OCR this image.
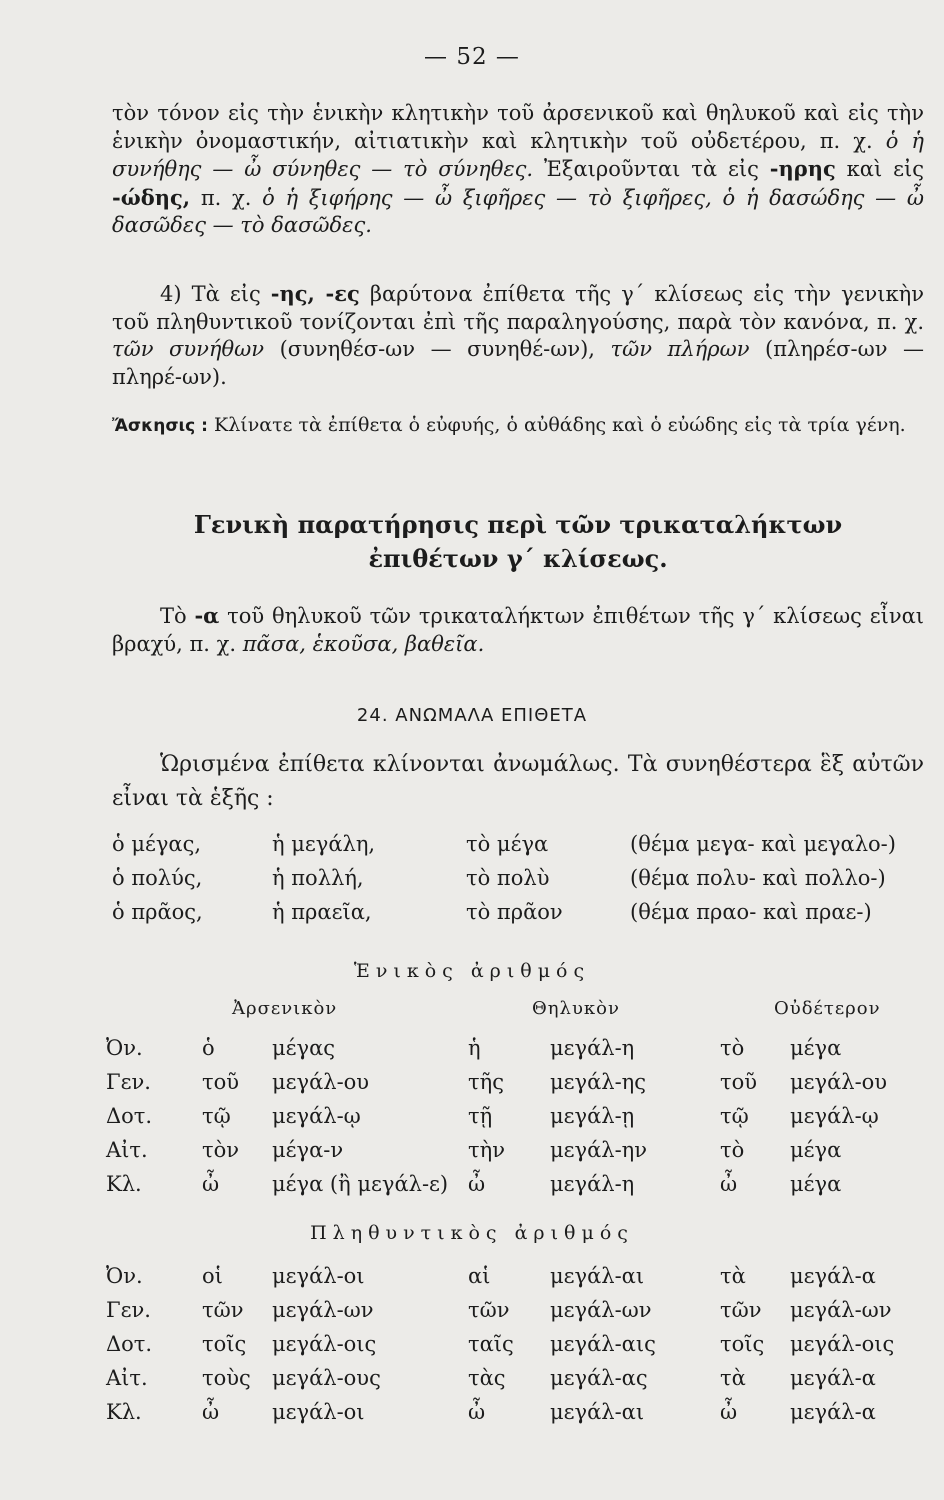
— 52 —

τὸν τόνον εἰς τὴν ἑνικὴν κλητικὴν τοῦ ἀρσενικοῦ καὶ θηλυκοῦ καὶ εἰς τὴν ἑνικὴν ὀνομαστικήν, αἰτιατικὴν καὶ κλητικὴν τοῦ οὐδετέρου, π. χ. ὁ ἡ συνήθης — ὦ σύνηθες — τὸ σύνηθες. Ἐξαιροῦνται τὰ εἰς -ηρης καὶ εἰς -ώδης, π. χ. ὁ ἡ ξιφήρης — ὦ ξιφῆρες — τὸ ξιφῆρες, ὁ ἡ δασώδης — ὦ δασῶδες — τὸ δασῶδες.

4) Τὰ εἰς -ης, -ες βαρύτονα ἐπίθετα τῆς γ΄ κλίσεως εἰς τὴν γενικὴν τοῦ πληθυντικοῦ τονίζονται ἐπὶ τῆς παραληγούσης, παρὰ τὸν κανόνα, π. χ. τῶν συνήθων (συνηθέσ-ων — συνηθέ-ων), τῶν πλήρων (πληρέσ-ων — πληρέ-ων).

Ἄσκησις : Κλίνατε τὰ ἐπίθετα ὁ εὐφυής, ὁ αὐθάδης καὶ ὁ εὐώδης εἰς τὰ τρία γένη.

Γενικὴ παρατήρησις περὶ τῶν τρικαταλήκτων
ἐπιθέτων γ΄ κλίσεως.

Τὸ -α τοῦ θηλυκοῦ τῶν τρικαταλήκτων ἐπιθέτων τῆς γ΄ κλίσεως εἶναι βραχύ, π. χ. πᾶσα, ἑκοῦσα, βαθεῖα.

24. ΑΝΩΜΑΛΑ ΕΠΙΘΕΤΑ

Ὡρισμένα ἐπίθετα κλίνονται ἀνωμάλως. Τὰ συνηθέστερα ἓξ αὐτῶν εἶναι τὰ ἑξῆς :

ὁ μέγας,	ἡ μεγάλη,	τὸ μέγα	(θέμα μεγα- καὶ μεγαλο-)
ὁ πολύς,	ἡ πολλή,	τὸ πολὺ	(θέμα πολυ- καὶ πολλο-)
ὁ πρᾶος,	ἡ πραεῖα,	τὸ πρᾶον	(θέμα πραο- καὶ πραε-)
Ἑνικὸς ἀριθμός
Ἀρσενικὸν	Θηλυκὸν	Οὐδέτερον
Ὀν.	ὁ	μέγας	ἡ	μεγάλ-η	τὸ μέγα
Γεν. τοῦ μεγάλ-ου	τῆς μεγάλ-ης	τοῦ μεγάλ-ου
Δοτ. τῷ μεγάλ-ῳ	τῇ	μεγάλ-ῃ	τῷ μεγάλ-ῳ
Αἰτ.	τὸν μέγα-ν	τὴν μεγάλ-ην	τὸ μέγα
Κλ.	ὦ	μέγα (ἢ μεγάλ-ε) ὦ	μεγάλ-η	ὦ	μέγα
Πληθυντικὸς ἀριθμός
Ὀν.	οἱ μεγάλ-οι	αἱ	μεγάλ-αι	τὰ μεγάλ-α
Γεν. τῶν μεγάλ-ων	τῶν μεγάλ-ων	τῶν μεγάλ-ων
Δοτ. τοῖς μεγάλ-οις	ταῖς μεγάλ-αις	τοῖς μεγάλ-οις
Αἰτ.	τοὺς μεγάλ-ους	τὰς μεγάλ-ας	τὰ μεγάλ-α
Κλ.	ὦ	μεγάλ-οι	ὦ	μεγάλ-αι	ὦ	μεγάλ-α
